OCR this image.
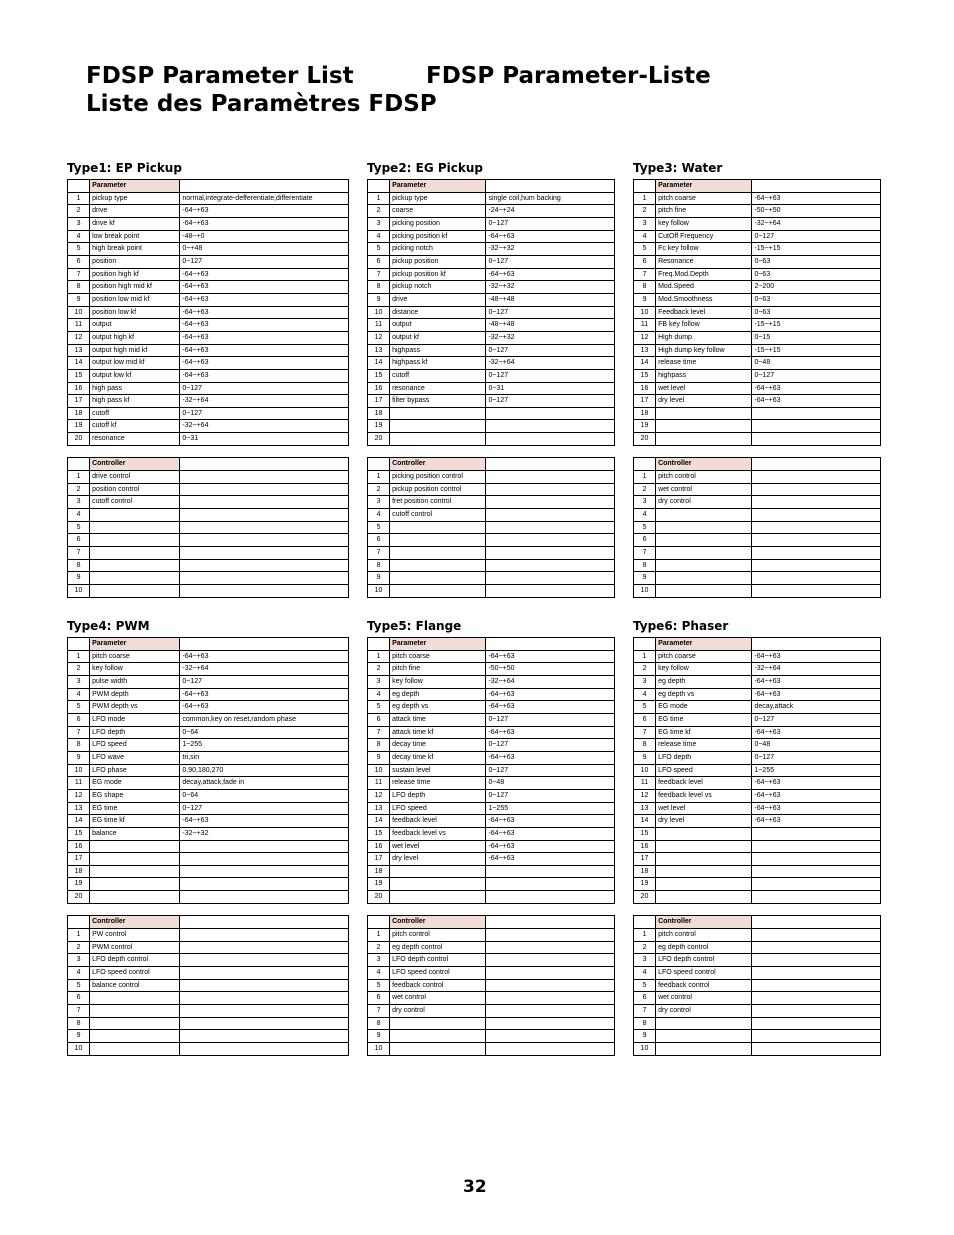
FDSP Parameter List	FDSP Parameter-Liste
Liste des Paramètres FDSP
Type1: EP Pickup
	Parameter	
1	pickup type	normal,integrate-defferentiate,differentiate
2	drive	-64~+63
3	drive kf	-64~+63
4	low break point	-48~+0
5	high break point	0~+48
6	position	0~127
7	position high kf	-64~+63
8	position high mid kf	-64~+63
9	position low mid kf	-64~+63
10	position low kf	-64~+63
11	output	-64~+63
12	output high kf	-64~+63
13	output high mid kf	-64~+63
14	output low mid kf	-64~+63
15	output low kf	-64~+63
16	high pass	0~127
17	high pass kf	-32~+64
18	cutoff	0~127
19	cutoff kf	-32~+64
20	resonance	0~31

	Controller	
1	drive control	
2	position control	
3	cutoff control	
4		
5		
6		
7		
8		
9		
10		
Type2: EG Pickup
	Parameter	
1	pickup type	single coil,hum backing
2	coarse	-24~+24
3	picking position	0~127
4	picking position kf	-64~+63
5	picking notch	-32~+32
6	pickup position	0~127
7	pickup position kf	-64~+63
8	pickup notch	-32~+32
9	drive	-48~+48
10	distance	0~127
11	output	-48~+48
12	output kf	-32~+32
13	highpass	0~127
14	highpass kf	-32~+64
15	cutoff	0~127
16	resonance	0~31
17	filter bypass	0~127
18		
19		
20		

	Controller	
1	picking position control	
2	pickup position control	
3	fret position control	
4	cutoff control	
5		
6		
7		
8		
9		
10		
Type3: Water
	Parameter	
1	pitch coarse	-64~+63
2	pitch fine	-50~+50
3	key follow	-32~+64
4	CutOff Frequency	0~127
5	Fc key follow	-15~+15
6	Resonance	0~63
7	Freq.Mod.Depth	0~63
8	Mod.Speed	2~200
9	Mod.Smoothness	0~63
10	Feedback level	0~63
11	FB key follow	-15~+15
12	High dump	0~15
13	High dump key follow	-15~+15
14	release time	0~48
15	highpass	0~127
16	wet level	-64~+63
17	dry level	-64~+63
18		
19		
20		

	Controller	
1	pitch control	
2	wet control	
3	dry control	
4		
5		
6		
7		
8		
9		
10		
Type4: PWM
	Parameter	
1	pitch coarse	-64~+63
2	key follow	-32~+64
3	pulse width	0~127
4	PWM depth	-64~+63
5	PWM depth vs	-64~+63
6	LFO mode	common,key on reset,random phase
7	LFO depth	0~64
8	LFO speed	1~255
9	LFO wave	tri,sin
10	LFO phase	0,90,180,270
11	EG mode	decay,attack,fade in
12	EG shape	0~64
13	EG time	0~127
14	EG time kf	-64~+63
15	balance	-32~+32
16		
17		
18		
19		
20		

	Controller	
1	PW control	
2	PWM control	
3	LFO depth control	
4	LFO speed control	
5	balance control	
6		
7		
8		
9		
10		
Type5: Flange
	Parameter	
1	pitch coarse	-64~+63
2	pitch fine	-50~+50
3	key follow	-32~+64
4	eg depth	-64~+63
5	eg depth vs	-64~+63
6	attack time	0~127
7	attack time kf	-64~+63
8	decay time	0~127
9	decay time kf	-64~+63
10	sustain level	0~127
11	release time	0~48
12	LFO depth	0~127
13	LFO speed	1~255
14	feedback level	-64~+63
15	feedback level vs	-64~+63
16	wet level	-64~+63
17	dry level	-64~+63
18		
19		
20		

	Controller	
1	pitch control	
2	eg depth control	
3	LFO depth control	
4	LFO speed control	
5	feedback control	
6	wet control	
7	dry control	
8		
9		
10		
Type6: Phaser
	Parameter	
1	pitch coarse	-64~+63
2	key follow	-32~+64
3	eg depth	-64~+63
4	eg depth vs	-64~+63
5	EG mode	decay,attack
6	EG time	0~127
7	EG time kf	-64~+63
8	release time	0~48
9	LFO depth	0~127
10	LFO speed	1~255
11	feedback level	-64~+63
12	feedback level vs	-64~+63
13	wet level	-64~+63
14	dry level	-64~+63
15		
16		
17		
18		
19		
20		

	Controller	
1	pitch control	
2	eg depth control	
3	LFO depth control	
4	LFO speed control	
5	feedback control	
6	wet control	
7	dry control	
8		
9		
10		
32
